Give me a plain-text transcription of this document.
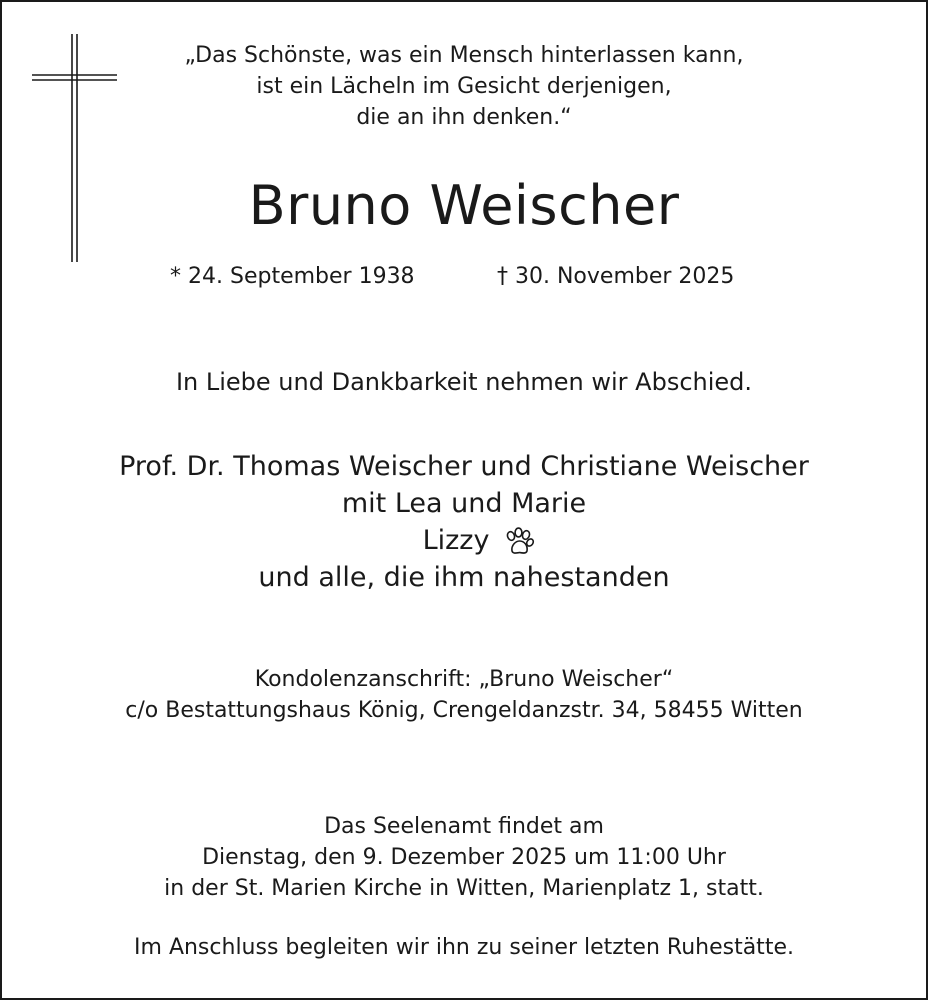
„Das Schönste, was ein Mensch hinterlassen kann,
ist ein Lächeln im Gesicht derjenigen,
die an ihn denken.“
Bruno Weischer
* 24. September 1938	† 30. November 2025
In Liebe und Dankbarkeit nehmen wir Abschied.
Prof. Dr. Thomas Weischer und Christiane Weischer
mit Lea und Marie
Lizzy
und alle, die ihm nahestanden
Kondolenzanschrift: „Bruno Weischer“
c/o Bestattungshaus König, Crengeldanzstr. 34, 58455 Witten
Das Seelenamt findet am
Dienstag, den 9. Dezember 2025 um 11:00 Uhr
in der St. Marien Kirche in Witten, Marienplatz 1, statt.
Im Anschluss begleiten wir ihn zu seiner letzten Ruhestätte.
